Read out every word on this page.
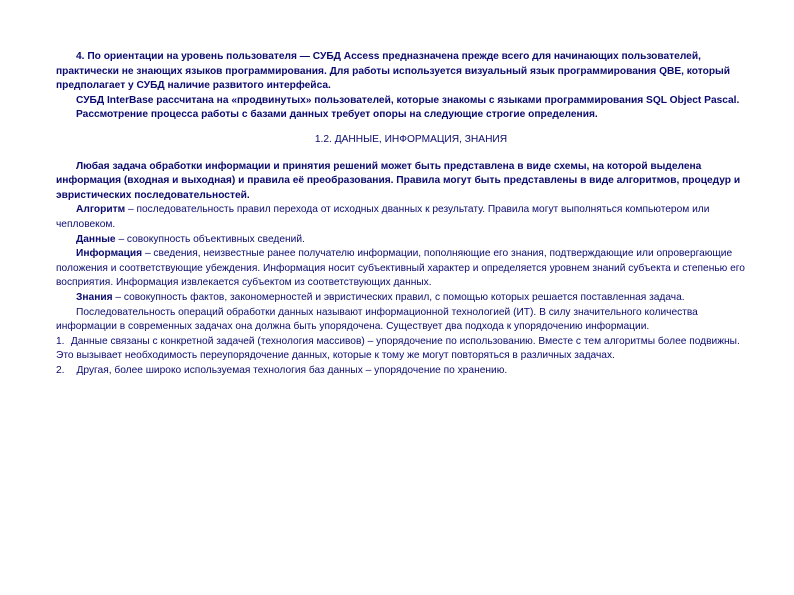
4. По ориентации на уровень пользователя — СУБД Access предназначена прежде всего для начинающих пользователей, практически не знающих языков программирования. Для работы используется визуальный язык программирования QBE, который предполагает у СУБД наличие развитого интерфейса.

СУБД InterBase рассчитана на «продвинутых» пользователей, которые знакомы с языками программирования SQL Object Pascal.

Рассмотрение процесса работы с базами данных требует опоры на следующие строгие определения.

1.2. ДАННЫЕ, ИНФОРМАЦИЯ, ЗНАНИЯ

Любая задача обработки информации и принятия решений может быть представлена в виде схемы, на которой выделена информация (входная и выходная) и правила её преобразования. Правила могут быть представлены в виде алгоритмов, процедур и эвристических последовательностей.

Алгоритм – последовательность правил перехода от исходных дванных к результату. Правила могут выполняться компьютером или чепловеком.

Данные – совокупность объективных сведений.

Информация – сведения, неизвестные ранее получателю информации, пополняющие его знания, подтверждающие или опровергающие положения и соответствующие убеждения. Информация носит субъективный характер и определяется уровнем знаний субъекта и степенью его восприятия. Информация извлекается субъектом из соответствующих данных.

Знания – совокупность фактов, закономерностей и эвристических правил, с помощью которых решается поставленная задача.

Последовательность операций обработки данных называют информационной технологией (ИТ). В силу значительного количества информации в современных задачах она должна быть упорядочена. Существует два подхода к упорядочению информации.

1. Данные связаны с конкретной задачей (технология массивов) – упорядочение по использованию. Вместе с тем алгоритмы более подвижны. Это вызывает необходимость переупорядочение данных, которые к тому же могут повторяться в различных задачах.

2. Другая, более широко используемая технология баз данных – упорядочение по хранению.
